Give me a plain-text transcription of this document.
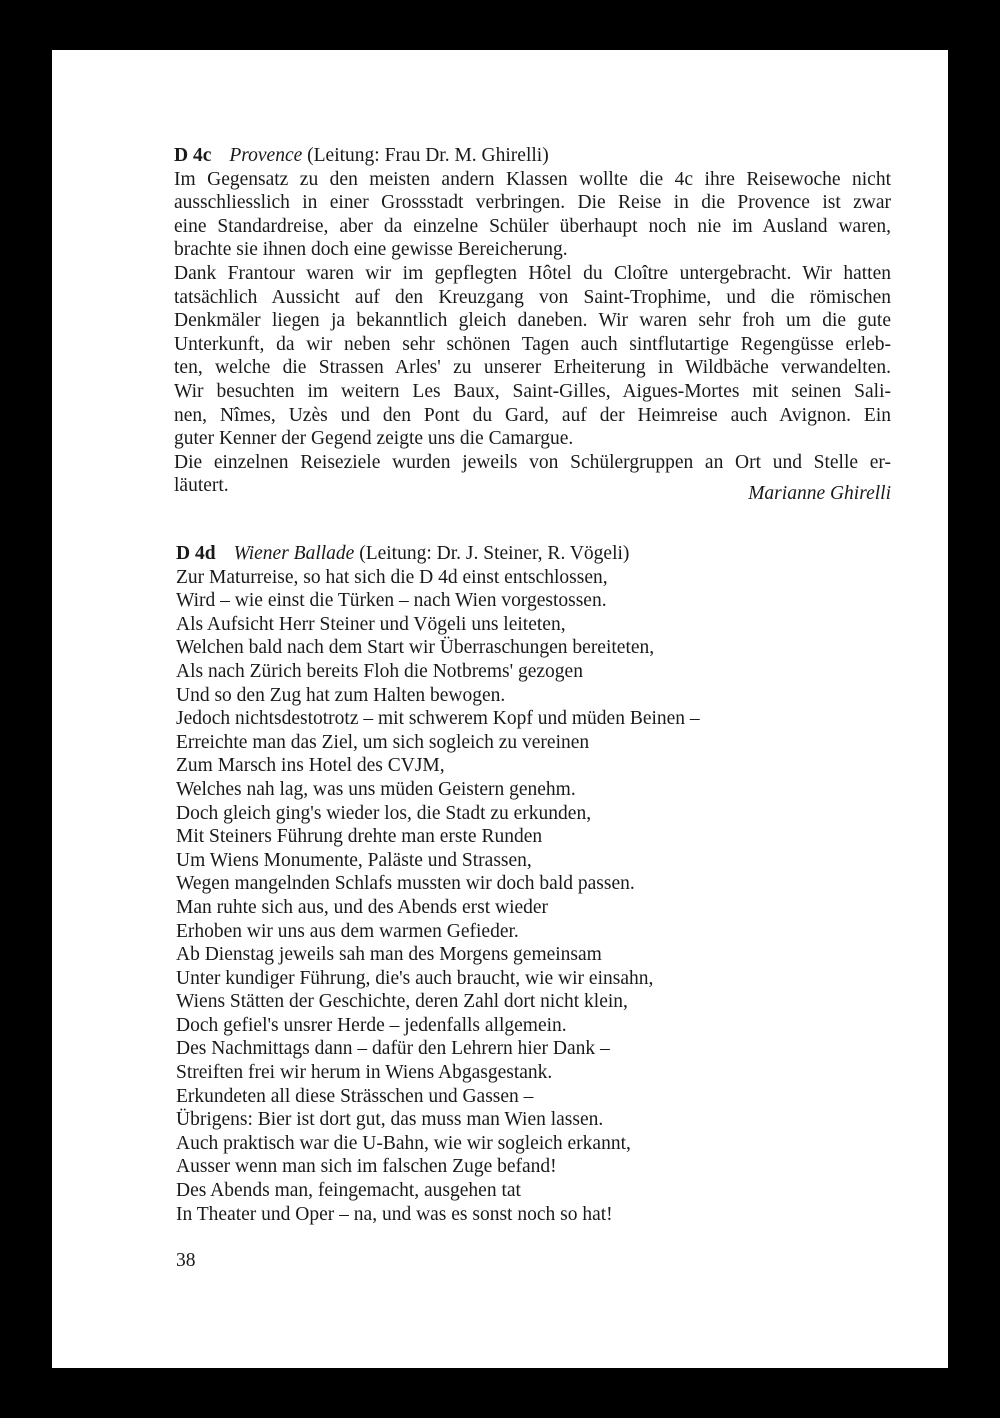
D 4c Provence (Leitung: Frau Dr. M. Ghirelli)
Im Gegensatz zu den meisten andern Klassen wollte die 4c ihre Reisewoche nicht
ausschliesslich in einer Grossstadt verbringen. Die Reise in die Provence ist zwar
eine Standardreise, aber da einzelne Schüler überhaupt noch nie im Ausland waren,
brachte sie ihnen doch eine gewisse Bereicherung.
Dank Frantour waren wir im gepflegten Hôtel du Cloître untergebracht. Wir hatten
tatsächlich Aussicht auf den Kreuzgang von Saint-Trophime, und die römischen
Denkmäler liegen ja bekanntlich gleich daneben. Wir waren sehr froh um die gute
Unterkunft, da wir neben sehr schönen Tagen auch sintflutartige Regengüsse erleb-
ten, welche die Strassen Arles' zu unserer Erheiterung in Wildbäche verwandelten.
Wir besuchten im weitern Les Baux, Saint-Gilles, Aigues-Mortes mit seinen Sali-
nen, Nîmes, Uzès und den Pont du Gard, auf der Heimreise auch Avignon. Ein
guter Kenner der Gegend zeigte uns die Camargue.
Die einzelnen Reiseziele wurden jeweils von Schülergruppen an Ort und Stelle er-
läutert.	Marianne Ghirelli
D 4d Wiener Ballade (Leitung: Dr. J. Steiner, R. Vögeli)
Zur Maturreise, so hat sich die D 4d einst entschlossen,
Wird – wie einst die Türken – nach Wien vorgestossen.
Als Aufsicht Herr Steiner und Vögeli uns leiteten,
Welchen bald nach dem Start wir Überraschungen bereiteten,
Als nach Zürich bereits Floh die Notbrems' gezogen
Und so den Zug hat zum Halten bewogen.
Jedoch nichtsdestotrotz – mit schwerem Kopf und müden Beinen –
Erreichte man das Ziel, um sich sogleich zu vereinen
Zum Marsch ins Hotel des CVJM,
Welches nah lag, was uns müden Geistern genehm.
Doch gleich ging's wieder los, die Stadt zu erkunden,
Mit Steiners Führung drehte man erste Runden
Um Wiens Monumente, Paläste und Strassen,
Wegen mangelnden Schlafs mussten wir doch bald passen.
Man ruhte sich aus, und des Abends erst wieder
Erhoben wir uns aus dem warmen Gefieder.
Ab Dienstag jeweils sah man des Morgens gemeinsam
Unter kundiger Führung, die's auch braucht, wie wir einsahn,
Wiens Stätten der Geschichte, deren Zahl dort nicht klein,
Doch gefiel's unsrer Herde – jedenfalls allgemein.
Des Nachmittags dann – dafür den Lehrern hier Dank –
Streiften frei wir herum in Wiens Abgasgestank.
Erkundeten all diese Strässchen und Gassen –
Übrigens: Bier ist dort gut, das muss man Wien lassen.
Auch praktisch war die U-Bahn, wie wir sogleich erkannt,
Ausser wenn man sich im falschen Zuge befand!
Des Abends man, feingemacht, ausgehen tat
In Theater und Oper – na, und was es sonst noch so hat!
38
